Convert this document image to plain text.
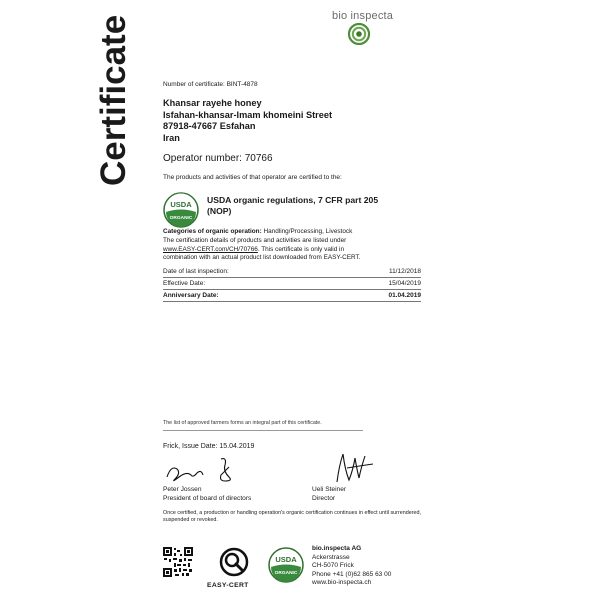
Certificate	bio inspecta
Number of certificate: BINT-4878
Khansar rayehe honey
Isfahan-khansar-Imam khomeini Street
87918-47667 Esfahan
Iran
Operator number: 70766
The products and activities of that operator are certified to the:
USDA
ORGANIC
USDA organic regulations, 7 CFR part 205
(NOP)
Categories of organic operation: Handling/Processing, Livestock
The certification details of products and activities are listed under
www.EASY-CERT.com/CH/70766. This certificate is only valid in
combination with an actual product list downloaded from EASY-CERT.
Date of last inspection:	11/12/2018
Effective Date:	15/04/2019
Anniversary Date:	01.04.2019
The list of approved farmers forms an integral part of this certificate.
Frick, Issue Date: 15.04.2019
Peter Jossen
President of board of directors
Ueli Steiner
Director
Once certified, a production or handling operation's organic certification continues in effect until surrendered, suspended or revoked.
EASY-CERT
USDA
ORGANIC
bio.inspecta AG
Ackerstrasse
CH-5070 Frick
Phone +41 (0)62 865 63 00
www.bio-inspecta.ch
